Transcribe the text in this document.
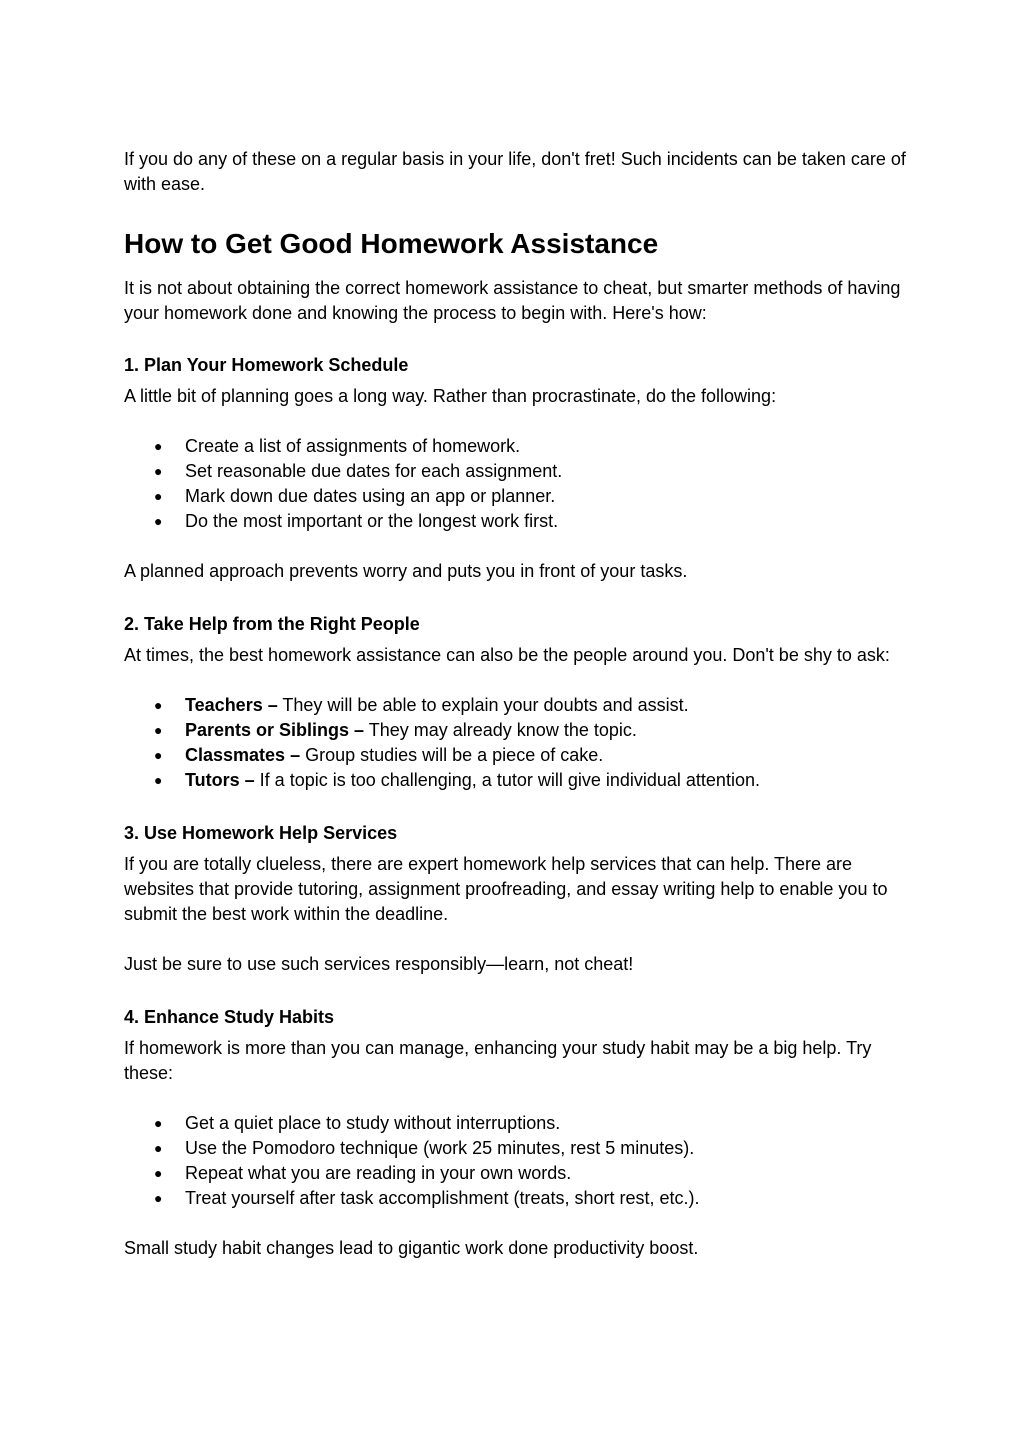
If you do any of these on a regular basis in your life, don't fret! Such incidents can be taken care of with ease.

How to Get Good Homework Assistance

It is not about obtaining the correct homework assistance to cheat, but smarter methods of having your homework done and knowing the process to begin with. Here's how:

1. Plan Your Homework Schedule

A little bit of planning goes a long way. Rather than procrastinate, do the following:

● Create a list of assignments of homework.
● Set reasonable due dates for each assignment.
● Mark down due dates using an app or planner.
● Do the most important or the longest work first.

A planned approach prevents worry and puts you in front of your tasks.

2. Take Help from the Right People

At times, the best homework assistance can also be the people around you. Don't be shy to ask:

● Teachers – They will be able to explain your doubts and assist.
● Parents or Siblings – They may already know the topic.
● Classmates – Group studies will be a piece of cake.
● Tutors – If a topic is too challenging, a tutor will give individual attention.
3. Use Homework Help Services

If you are totally clueless, there are expert homework help services that can help. There are websites that provide tutoring, assignment proofreading, and essay writing help to enable you to submit the best work within the deadline.

Just be sure to use such services responsibly—learn, not cheat!

4. Enhance Study Habits

If homework is more than you can manage, enhancing your study habit may be a big help. Try these:

● Get a quiet place to study without interruptions.
● Use the Pomodoro technique (work 25 minutes, rest 5 minutes).
● Repeat what you are reading in your own words.
● Treat yourself after task accomplishment (treats, short rest, etc.).

Small study habit changes lead to gigantic work done productivity boost.
